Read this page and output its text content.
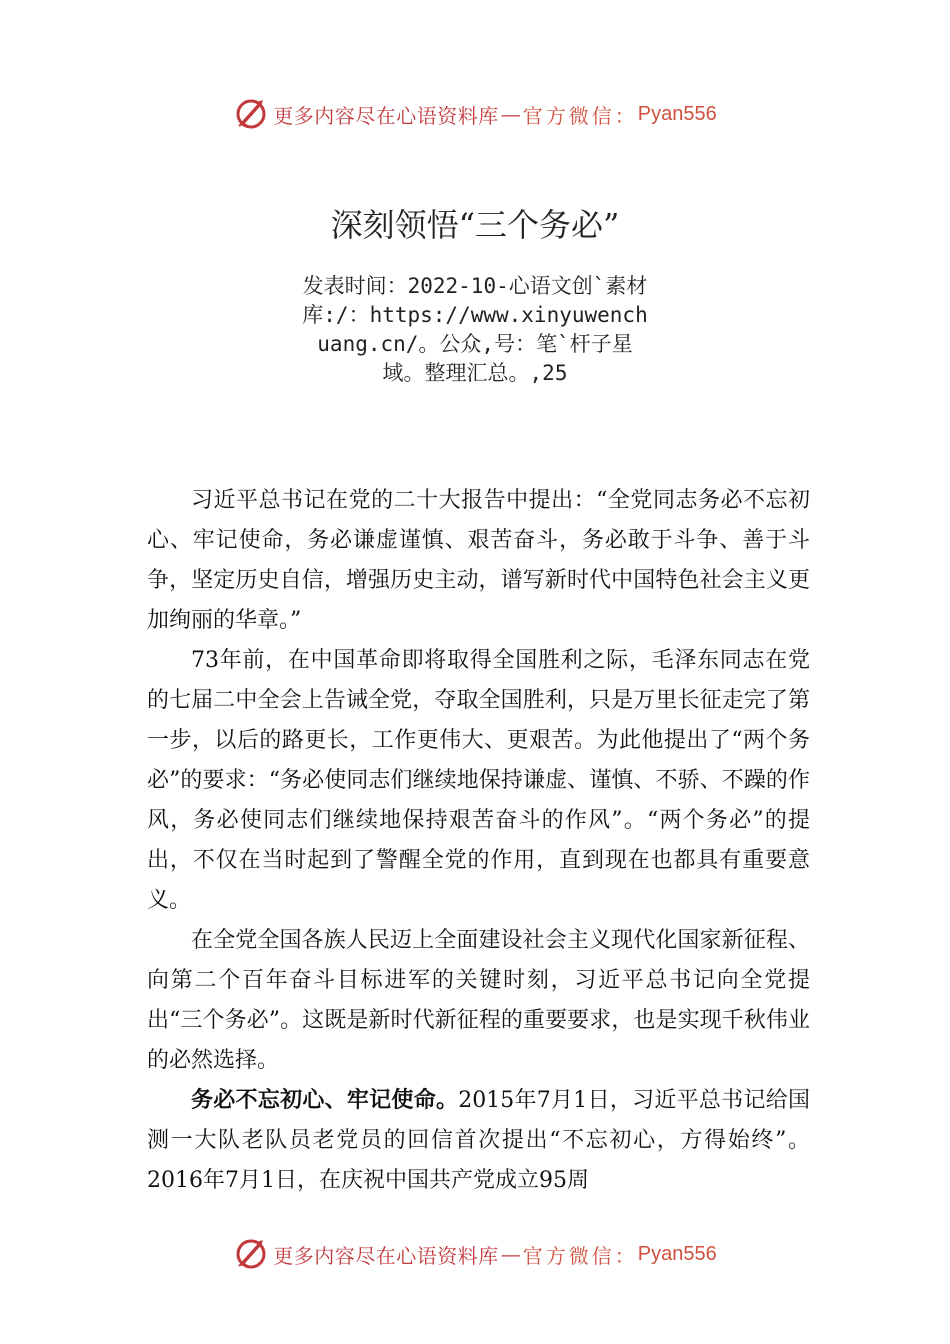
更多内容尽在心语资料库 — 官方微信： Pyan556
深刻领悟“三个务必”
发表时间：2022-10-心语文创`素材库:/：https://www.xinyuwenchuang.cn/。公众,号：笔`杆子星域。整理汇总。,25

习近平总书记在党的二十大报告中提出：“全党同志务必不忘初心、牢记使命，务必谦虚谨慎、艰苦奋斗，务必敢于斗争、善于斗争，坚定历史自信，增强历史主动，谱写新时代中国特色社会主义更加绚丽的华章。”

73年前，在中国革命即将取得全国胜利之际，毛泽东同志在党的七届二中全会上告诫全党，夺取全国胜利，只是万里长征走完了第一步，以后的路更长，工作更伟大、更艰苦。为此他提出了“两个务必”的要求：“务必使同志们继续地保持谦虚、谨慎、不骄、不躁的作风，务必使同志们继续地保持艰苦奋斗的作风”。“两个务必”的提出，不仅在当时起到了警醒全党的作用，直到现在也都具有重要意义。

在全党全国各族人民迈上全面建设社会主义现代化国家新征程、向第二个百年奋斗目标进军的关键时刻，习近平总书记向全党提出“三个务必”。这既是新时代新征程的重要要求，也是实现千秋伟业的必然选择。

务必不忘初心、牢记使命。2015年7月1日，习近平总书记给国测一大队老队员老党员的回信首次提出“不忘初心，方得始终”。2016年7月1日，在庆祝中国共产党成立95周

更多内容尽在心语资料库 — 官方微信： Pyan556
